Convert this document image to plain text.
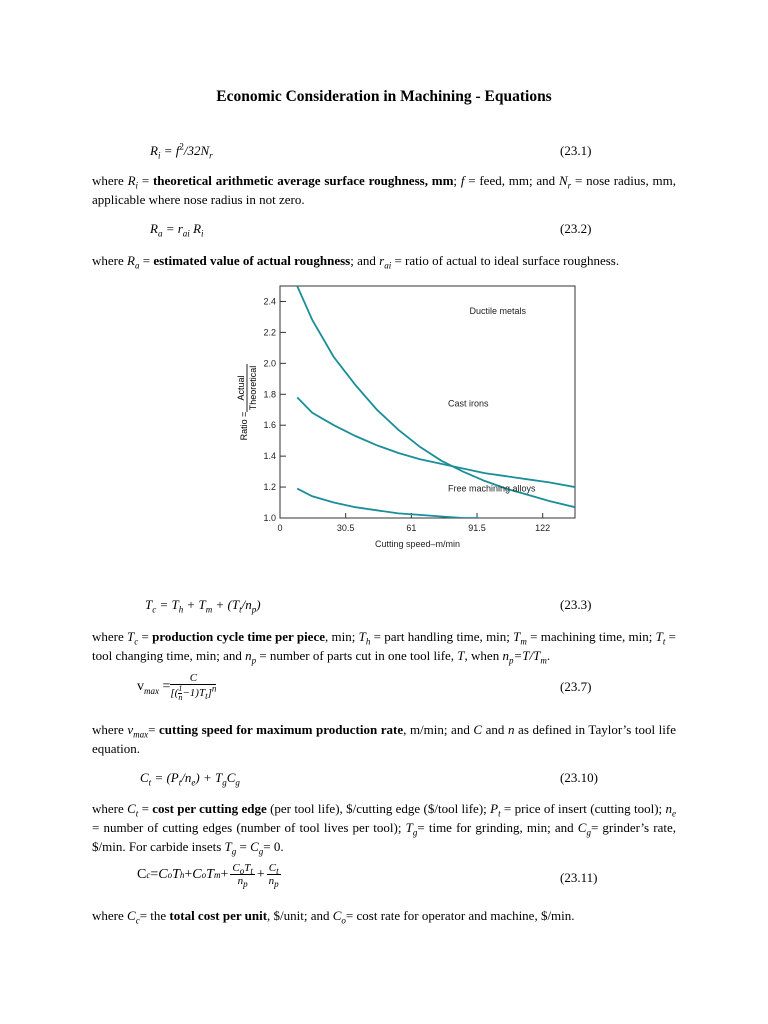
Economic Consideration in Machining - Equations
$R_i = f^2/32N_r$	(23.1)
where $R_i$ = theoretical arithmetic average surface roughness, mm; f = feed, mm; and $N_r$ = nose radius, mm, applicable where nose radius in not zero.
$R_a = r_{ai}$ $R_i$	(23.2)
where $R_a$ = estimated value of actual roughness; and $r_{ai}$ = ratio of actual to ideal surface roughness.
0	30.5	61	91.5	122
1.0
1.2
1.4
1.6
1.8
2.0
2.2
2.4
Cutting speed–m/min
Ratio =
Actual Theoretical
Ductile metals
Cast irons
Free machining alloys
$T_c = T_h + T_m + (T_t/n_p)$	(23.3)
where $T_c$ = production cycle time per piece, min; $T_h$ = part handling time, min; $T_m$ = machining time, min; $T_t$ = tool changing time, min; and $n_p$ = number of parts cut in one tool life, T, when $n_p=T/T_m$.
$v_{max} = \frac{C}{[( \frac{1}{n} -1)T_t]^n}$	(23.7)
where $v_{max}=$ cutting speed for maximum production rate, m/min; and C and n as defined in Taylor’s tool life equation.
$C_t = (P_t/n_e) + T_gC_g$	(23.10)
where $C_t = \cos t$ per cutting edge (per tool life), $/cutting edge ($/tool life); $P_t$ = price of insert (cutting tool); $n_e$ = number of cutting edges (number of tool lives per tool); $T_g=$ time for grinding, min; and $C_g=$ grinder’s rate, $/min. For carbide insets $T_g = C_g= 0$.
C c = C o T h + C o T $m + \frac{C_oT_t}{n_p} + \frac{C_t}{n_p}$	(23.11)
where $C_c=$ the total cost per unit, $/unit; and $C_o= \cos t$ rate for operator and machine, $/min.
